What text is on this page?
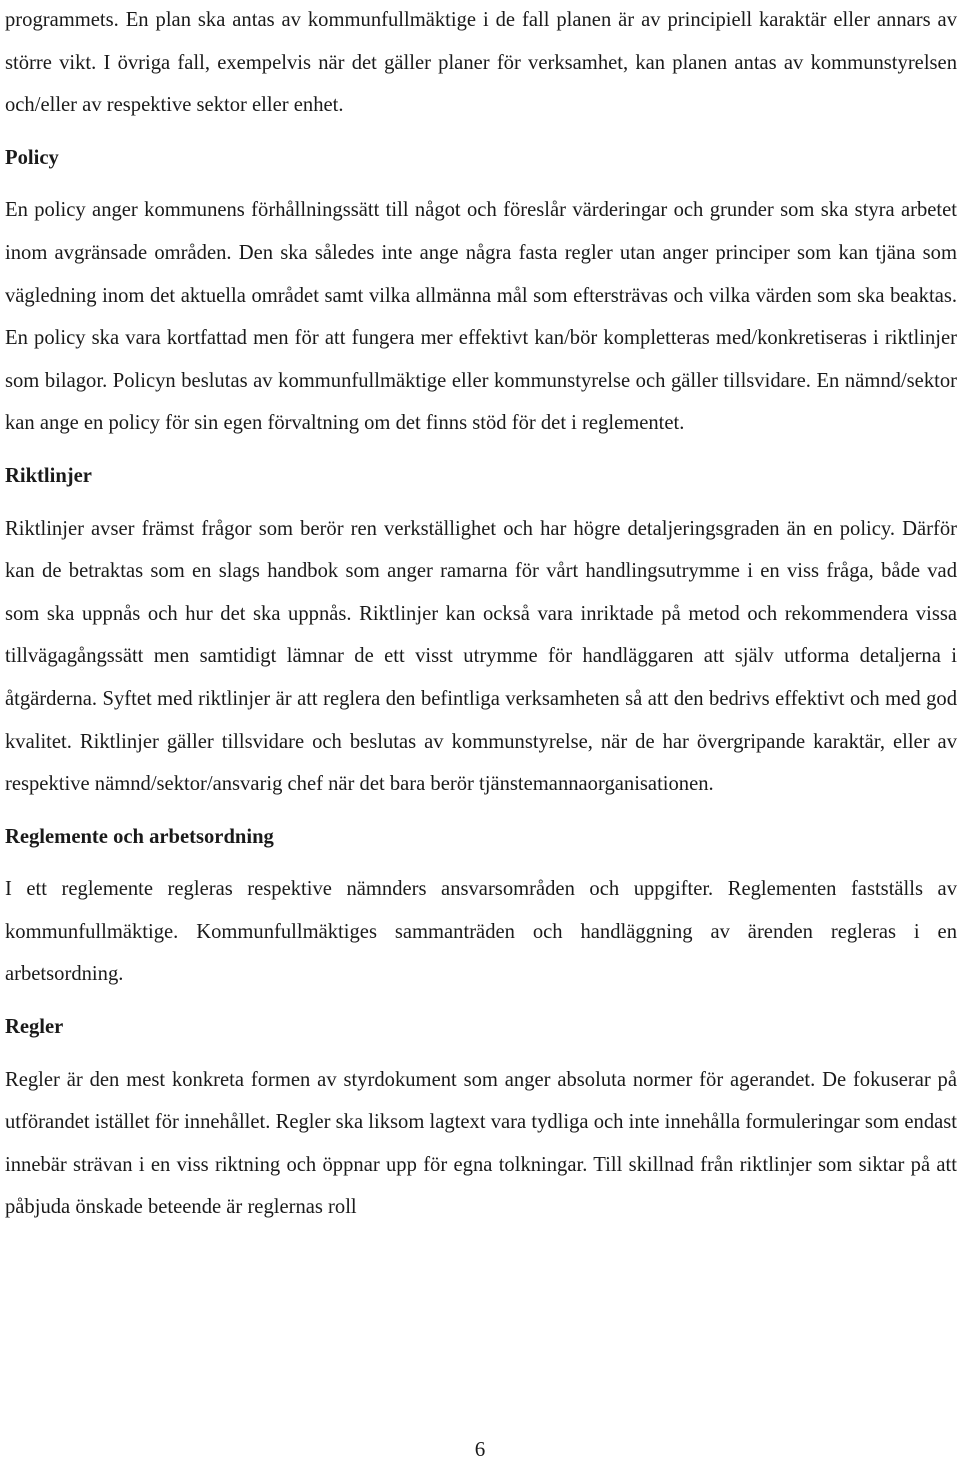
programmets. En plan ska antas av kommunfullmäktige i de fall planen är av principiell karaktär eller annars av större vikt. I övriga fall, exempelvis när det gäller planer för verksamhet, kan planen antas av kommunstyrelsen och/eller av respektive sektor eller enhet.

Policy

En policy anger kommunens förhållningssätt till något och föreslår värderingar och grunder som ska styra arbetet inom avgränsade områden. Den ska således inte ange några fasta regler utan anger principer som kan tjäna som vägledning inom det aktuella området samt vilka allmänna mål som eftersträvas och vilka värden som ska beaktas. En policy ska vara kortfattad men för att fungera mer effektivt kan/bör kompletteras med/konkretiseras i riktlinjer som bilagor. Policyn beslutas av kommunfullmäktige eller kommunstyrelse och gäller tillsvidare. En nämnd/sektor kan ange en policy för sin egen förvaltning om det finns stöd för det i reglementet.

Riktlinjer

Riktlinjer avser främst frågor som berör ren verkställighet och har högre detaljeringsgraden än en policy. Därför kan de betraktas som en slags handbok som anger ramarna för vårt handlingsutrymme i en viss fråga, både vad som ska uppnås och hur det ska uppnås. Riktlinjer kan också vara inriktade på metod och rekommendera vissa tillvägagångssätt men samtidigt lämnar de ett visst utrymme för handläggaren att själv utforma detaljerna i åtgärderna. Syftet med riktlinjer är att reglera den befintliga verksamheten så att den bedrivs effektivt och med god kvalitet. Riktlinjer gäller tillsvidare och beslutas av kommunstyrelse, när de har övergripande karaktär, eller av respektive nämnd/sektor/ansvarig chef när det bara berör tjänstemannaorganisationen.

Reglemente och arbetsordning

I ett reglemente regleras respektive nämnders ansvarsområden och uppgifter. Reglementen fastställs av kommunfullmäktige. Kommunfullmäktiges sammanträden och handläggning av ärenden regleras i en arbetsordning.

Regler

Regler är den mest konkreta formen av styrdokument som anger absoluta normer för agerandet. De fokuserar på utförandet istället för innehållet. Regler ska liksom lagtext vara tydliga och inte innehålla formuleringar som endast innebär strävan i en viss riktning och öppnar upp för egna tolkningar. Till skillnad från riktlinjer som siktar på att påbjuda önskade beteende är reglernas roll

6
